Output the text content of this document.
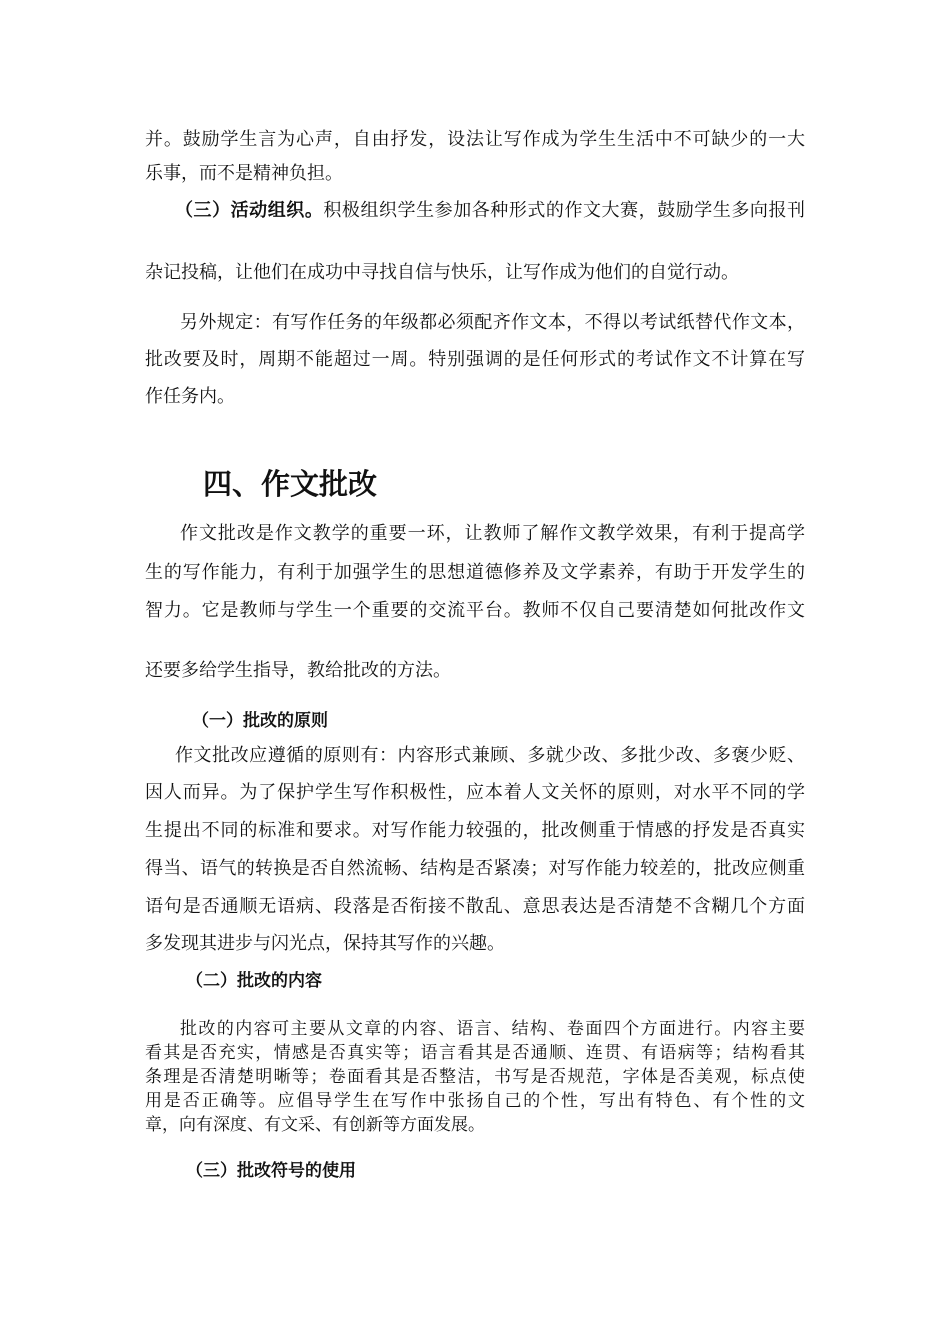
并。鼓励学生言为心声，自由抒发，设法让写作成为学生生活中不可缺少的一大
乐事，而不是精神负担。
（三）活动组织。积极组织学生参加各种形式的作文大赛，鼓励学生多向报刊
杂记投稿，让他们在成功中寻找自信与快乐，让写作成为他们的自觉行动。
另外规定：有写作任务的年级都必须配齐作文本，不得以考试纸替代作文本，
批改要及时，周期不能超过一周。特别强调的是任何形式的考试作文不计算在写
作任务内。
四、作文批改
作文批改是作文教学的重要一环，让教师了解作文教学效果，有利于提高学
生的写作能力，有利于加强学生的思想道德修养及文学素养，有助于开发学生的
智力。它是教师与学生一个重要的交流平台。教师不仅自己要清楚如何批改作文
还要多给学生指导，教给批改的方法。
（一）批改的原则
作文批改应遵循的原则有：内容形式兼顾、多就少改、多批少改、多褒少贬、
因人而异。为了保护学生写作积极性，应本着人文关怀的原则，对水平不同的学
生提出不同的标准和要求。对写作能力较强的，批改侧重于情感的抒发是否真实
得当、语气的转换是否自然流畅、结构是否紧凑；对写作能力较差的，批改应侧重
语句是否通顺无语病、段落是否衔接不散乱、意思表达是否清楚不含糊几个方面
多发现其进步与闪光点，保持其写作的兴趣。
（二）批改的内容
批改的内容可主要从文章的内容、语言、结构、卷面四个方面进行。内容主要
看其是否充实，情感是否真实等；语言看其是否通顺、连贯、有语病等；结构看其
条理是否清楚明晰等；卷面看其是否整洁，书写是否规范，字体是否美观，标点使
用是否正确等。应倡导学生在写作中张扬自己的个性，写出有特色、有个性的文
章，向有深度、有文采、有创新等方面发展。
（三）批改符号的使用
